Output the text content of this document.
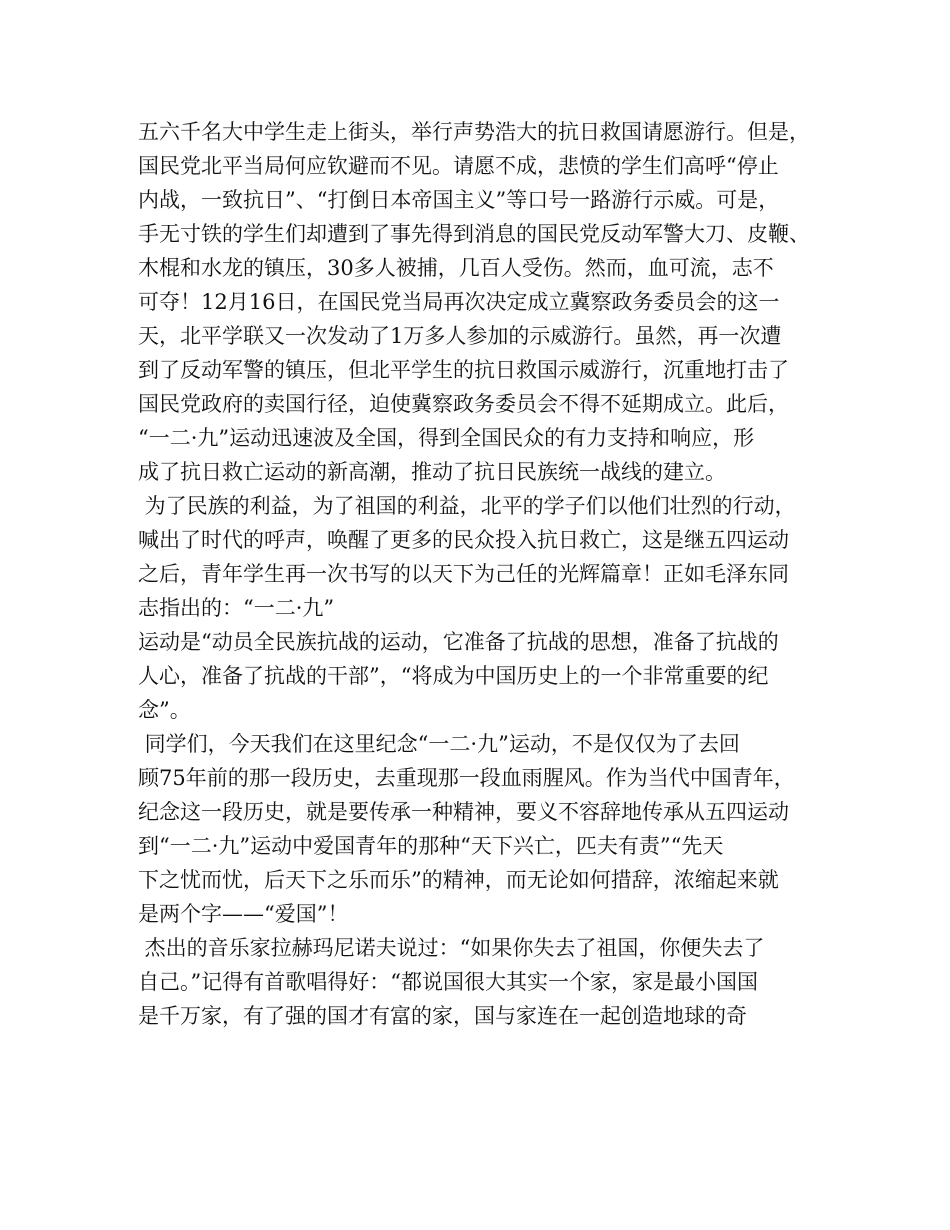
五六千名大中学生走上街头，举行声势浩大的抗日救国请愿游行。但是，
国民党北平当局何应钦避而不见。请愿不成，悲愤的学生们高呼“停止
内战，一致抗日”、“打倒日本帝国主义”等口号一路游行示威。可是，
手无寸铁的学生们却遭到了事先得到消息的国民党反动军警大刀、皮鞭、
木棍和水龙的镇压，30多人被捕，几百人受伤。然而，血可流，志不
可夺！12月16日，在国民党当局再次决定成立冀察政务委员会的这一
天，北平学联又一次发动了1万多人参加的示威游行。虽然，再一次遭
到了反动军警的镇压，但北平学生的抗日救国示威游行，沉重地打击了
国民党政府的卖国行径，迫使冀察政务委员会不得不延期成立。此后，
“一二·九”运动迅速波及全国，得到全国民众的有力支持和响应，形
成了抗日救亡运动的新高潮，推动了抗日民族统一战线的建立。
为了民族的利益，为了祖国的利益，北平的学子们以他们壮烈的行动，
喊出了时代的呼声，唤醒了更多的民众投入抗日救亡，这是继五四运动
之后，青年学生再一次书写的以天下为己任的光辉篇章！正如毛泽东同
志指出的：“一二·九”
运动是“动员全民族抗战的运动，它准备了抗战的思想，准备了抗战的
人心，准备了抗战的干部”，“将成为中国历史上的一个非常重要的纪
念”。
同学们，今天我们在这里纪念“一二·九”运动，不是仅仅为了去回
顾75年前的那一段历史，去重现那一段血雨腥风。作为当代中国青年，
纪念这一段历史，就是要传承一种精神，要义不容辞地传承从五四运动
到“一二·九”运动中爱国青年的那种“天下兴亡，匹夫有责”“先天
下之忧而忧，后天下之乐而乐”的精神，而无论如何措辞，浓缩起来就
是两个字——“爱国”！
杰出的音乐家拉赫玛尼诺夫说过：“如果你失去了祖国，你便失去了
自己。”记得有首歌唱得好：“都说国很大其实一个家，家是最小国国
是千万家，有了强的国才有富的家，国与家连在一起创造地球的奇
